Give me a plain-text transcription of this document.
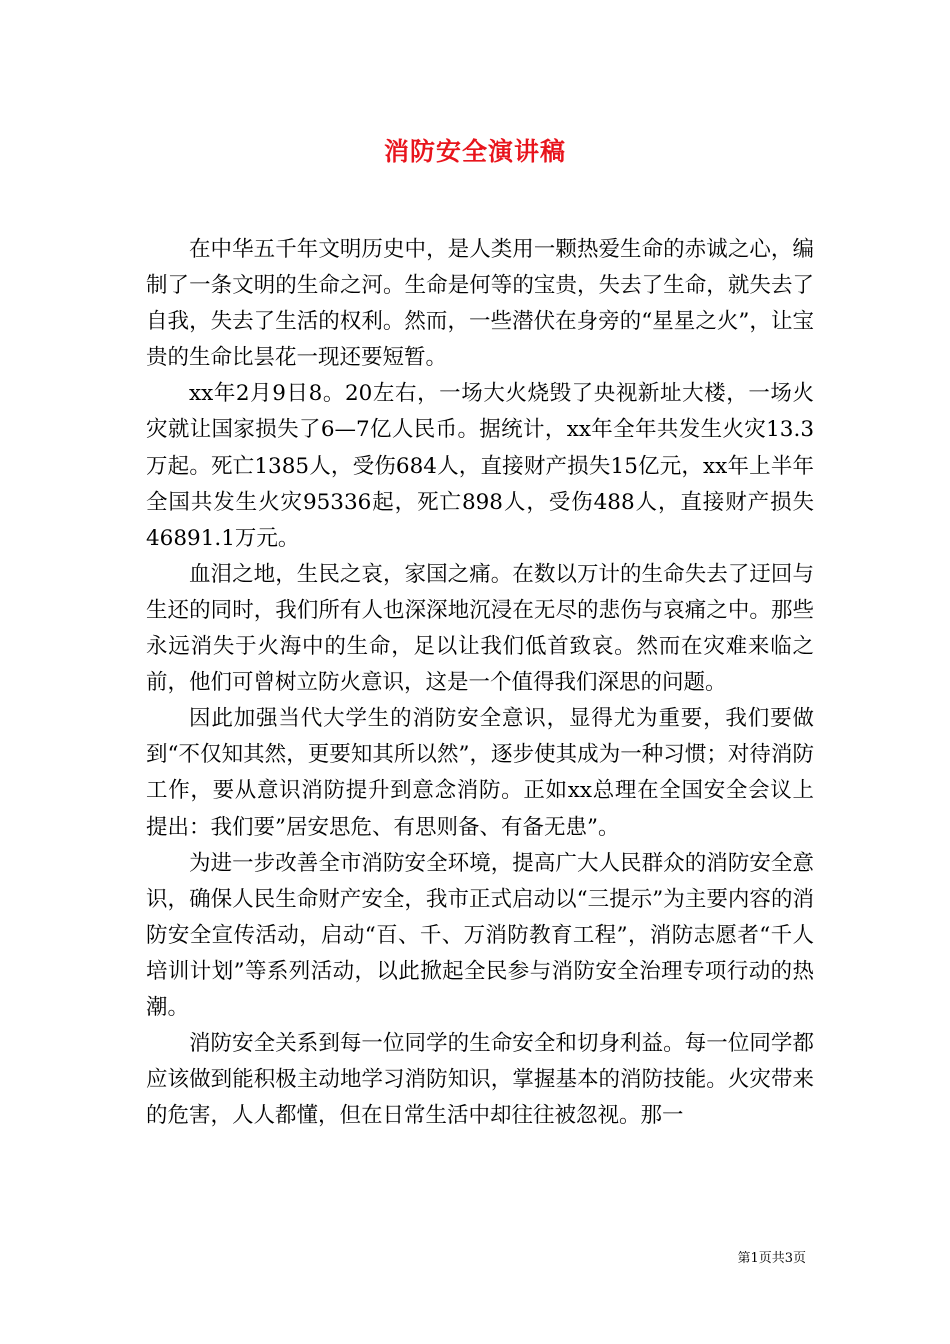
消防安全演讲稿

在中华五千年文明历史中，是人类用一颗热爱生命的赤诚之心，编制了一条文明的生命之河。生命是何等的宝贵，失去了生命，就失去了自我，失去了生活的权利。然而，一些潜伏在身旁的“星星之火”，让宝贵的生命比昙花一现还要短暂。

xx年2月9日8。20左右，一场大火烧毁了央视新址大楼，一场火灾就让国家损失了6—7亿人民币。据统计，xx年全年共发生火灾13.3万起。死亡1385人，受伤684人，直接财产损失15亿元，xx年上半年全国共发生火灾95336起，死亡898人，受伤488人，直接财产损失46891.1万元。

血泪之地，生民之哀，家国之痛。在数以万计的生命失去了迂回与生还的同时，我们所有人也深深地沉浸在无尽的悲伤与哀痛之中。那些永远消失于火海中的生命，足以让我们低首致哀。然而在灾难来临之前，他们可曾树立防火意识，这是一个值得我们深思的问题。

因此加强当代大学生的消防安全意识，显得尤为重要，我们要做到“不仅知其然，更要知其所以然”，逐步使其成为一种习惯；对待消防工作，要从意识消防提升到意念消防。正如xx总理在全国安全会议上提出：我们要”居安思危、有思则备、有备无患”。

为进一步改善全市消防安全环境，提高广大人民群众的消防安全意识，确保人民生命财产安全，我市正式启动以“三提示”为主要内容的消防安全宣传活动，启动“百、千、万消防教育工程”，消防志愿者“千人培训计划”等系列活动，以此掀起全民参与消防安全治理专项行动的热潮。

消防安全关系到每一位同学的生命安全和切身利益。每一位同学都应该做到能积极主动地学习消防知识，掌握基本的消防技能。火灾带来的危害，人人都懂，但在日常生活中却往往被忽视。那一

第1页共3页
